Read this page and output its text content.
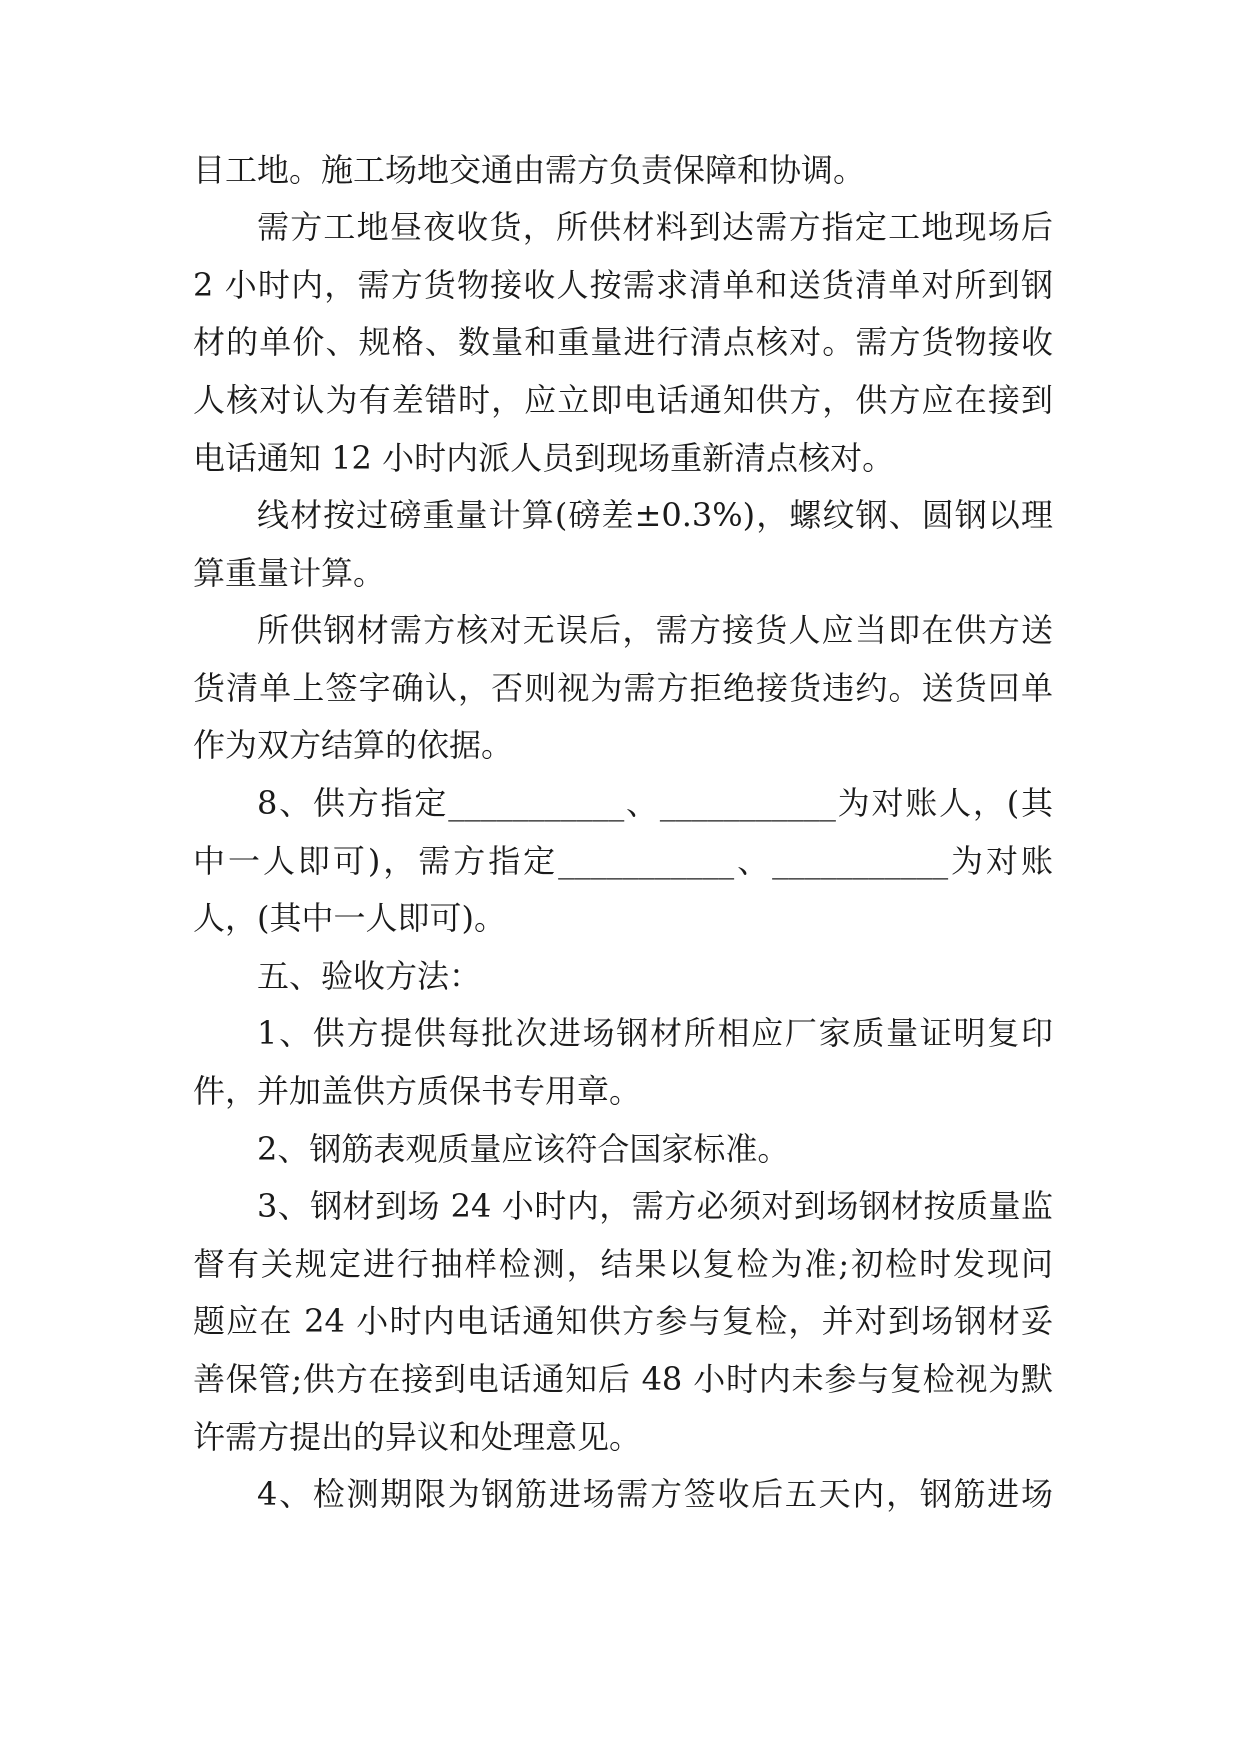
目工地。施工场地交通由需方负责保障和协调。
需方工地昼夜收货，所供材料到达需方指定工地现场后
2 小时内，需方货物接收人按需求清单和送货清单对所到钢
材的单价、规格、数量和重量进行清点核对。需方货物接收
人核对认为有差错时，应立即电话通知供方，供方应在接到
电话通知 12 小时内派人员到现场重新清点核对。
线材按过磅重量计算(磅差±0.3%)，螺纹钢、圆钢以理
算重量计算。
所供钢材需方核对无误后，需方接货人应当即在供方送
货清单上签字确认，否则视为需方拒绝接货违约。送货回单
作为双方结算的依据。
8、供方指定___________、___________为对账人，(其
中一人即可)，需方指定___________、___________为对账
人，(其中一人即可)。
五、验收方法：
1、供方提供每批次进场钢材所相应厂家质量证明复印
件，并加盖供方质保书专用章。
2、钢筋表观质量应该符合国家标准。
3、钢材到场 24 小时内，需方必须对到场钢材按质量监
督有关规定进行抽样检测，结果以复检为准;初检时发现问
题应在 24 小时内电话通知供方参与复检，并对到场钢材妥
善保管;供方在接到电话通知后 48 小时内未参与复检视为默
许需方提出的异议和处理意见。
4、检测期限为钢筋进场需方签收后五天内，钢筋进场
